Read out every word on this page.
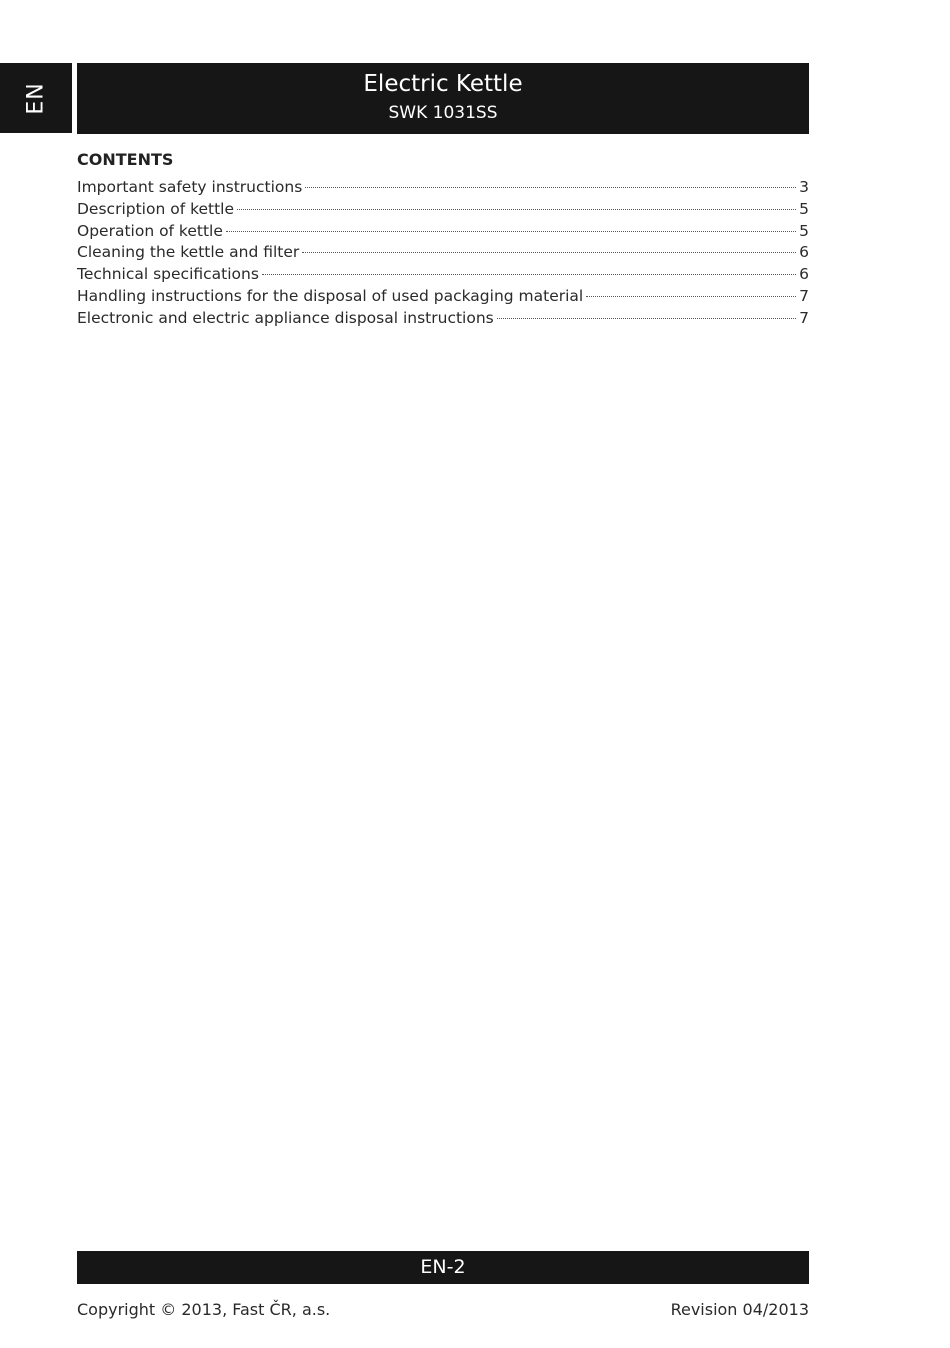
EN	Electric Kettle
SWK 1031SS
CONTENTS
Important safety instructions	3
Description of kettle	5
Operation of kettle	5
Cleaning the kettle and filter	6
Technical specifications	6
Handling instructions for the disposal of used packaging material	7
Electronic and electric appliance disposal instructions	7
EN-2
Copyright © 2013, Fast ČR, a.s.	Revision 04/2013
